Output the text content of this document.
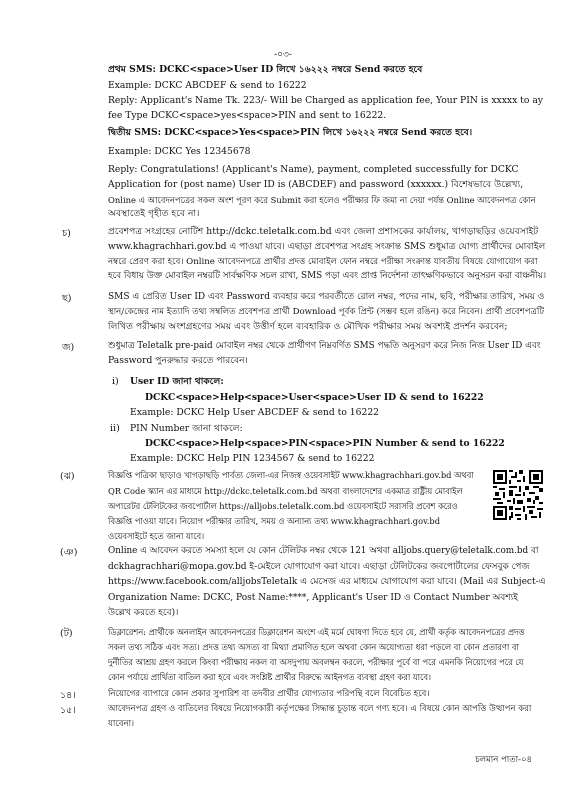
-০৩-
প্রথম SMS: DCKC<space>User ID লিখে ১৬২২২ নম্বরে Send করতে হবে
Example: DCKC ABCDEF & send to 16222
Reply: Applicant's Name Tk. 223/- Will be Charged as application fee, Your PIN is xxxxx to ay
fee Type DCKC<space>yes<space>PIN and sent to 16222.
দ্বিতীয় SMS: DCKC<space>Yes<space>PIN লিখে ১৬২২২ নম্বরে Send করতে হবে।
Example: DCKC Yes 12345678
Reply: Congratulations! (Applicant's Name), payment, completed successfully for DCKC
Application for (post name) User ID is (ABCDEF) and password (xxxxxx.) বিশেষভাবে উল্লেখ্য,
Online এ আবেদনপত্রের সকল অংশ পূরণ করে Submit করা হলেও পরীক্ষার ফি জমা না দেয়া পর্যন্ত Online আবেদনপত্র কোন
অবস্থাতেই গৃহীত হবে না।
চ)	প্রবেশপত্র সংগ্রহের নোটিশ http://dckc.teletalk.com.bd এবং জেলা প্রশাসকের কার্যালয়, খাগড়াছড়ির ওয়েবসাইট
www.khagrachhari.gov.bd এ পাওয়া যাবে। এছাড়া প্রবেশপত্র সংগ্রহ সংক্রান্ত SMS শুধুমাত্র যোগ্য প্রার্থীদের মোবাইল
নম্বরে প্রেরণ করা হবে। Online আবেদনপত্রে প্রার্থীর প্রদত্ত মোবাইল ফোন নম্বরে পরীক্ষা সংক্রান্ত যাবতীয় বিষয়ে যোগাযোগ করা
হবে বিধায় উক্ত মোবাইল নম্বরটি সার্বক্ষণিক সচল রাখা, SMS পড়া এবং প্রাপ্ত নির্দেশনা তাৎক্ষণিকভাবে অনুসরন করা বাঞ্চনীয়।
ছ)	SMS এ প্রেরিত User ID এবং Password ব্যবহার করে পরবর্তীতে রোল নম্বর, পদের নাম, ছবি, পরীক্ষার তারিখ, সময় ও
স্থান/কেন্দ্রের নাম ইত্যাদি তথ্য সম্বলিত প্রবেশপত্র প্রার্থী Download পূর্বক প্রিন্ট (সম্ভব হলে রঙিন) করে নিবেন। প্রার্থী প্রবেশপত্রটি
লিখিত পরীক্ষায় অংশগ্রহণের সময় এবং উত্তীর্ণ হলে ব্যবহারিক ও মৌখিক পরীক্ষার সময় অবশ্যই প্রদর্শন করবেন;
জ)	শুধুমাত্র Teletalk pre-paid মোবাইল নম্বর থেকে প্রার্থীগণ নিম্নবর্ণিত SMS পদ্ধতি অনুসরণ করে নিজ নিজ User ID এবং
Password পুনরুদ্ধার করতে পারবেন।
i) User ID জানা থাকলে:
DCKC<space>Help<space>User<space>User ID & send to 16222
Example: DCKC Help User ABCDEF & send to 16222
ii) PIN Number জানা থাকলে:
DCKC<space>Help<space>PIN<space>PIN Number & send to 16222
Example: DCKC Help PIN 1234567 & send to 16222
(ঝ)	বিজ্ঞপ্তি পত্রিকা ছাড়াও খাগড়াছড়ি পার্বত্য জেলা-এর নিজস্ব ওয়েবসাইট www.khagrachhari.gov.bd অথবা
QR Code স্ক্যান এর মাধ্যমে http://dckc.teletalk.com.bd অথবা বাংলাদেশের একমাত্র রাষ্ট্রীয় মোবাইল
অপারেটর টেলিটকের জবপোর্টাল https://alljobs.teletalk.com.bd ওয়েবসাইটে সরাসরি প্রবেশ করেও
বিজ্ঞপ্তি পাওয়া যাবে। নিয়োগ পরীক্ষার তারিখ, সময় ও অন্যান্য তথ্য www.khagrachhari.gov.bd
ওয়েবসাইটে হতে জানা যাবে।
(ঞ)	Online এ আবেদন করতে সমস্যা হলে যে কোন টেলিটক নম্বর থেকে 121 অথবা alljobs.query@teletalk.com.bd বা
dckhagrachhari@mopa.gov.bd ই-মেইলে যোগাযোগ করা যাবে। এছাড়া টেলিটকের জবপোর্টালের ফেসবুক পেজ
https://www.facebook.com/alljobsTeletalk এ মেসেজ এর মাধ্যমে যোগাযোগ করা যাবে। (Mail এর Subject-এ
Organization Name: DCKC, Post Name:****, Applicant's User ID ও Contact Number অবশ্যই
উল্লেখ করতে হবে)।
(ট)	ডিক্লারেশন: প্রার্থীকে অনলাইন আবেদনপত্রের ডিক্লারেশন অংশে এই মর্মে ঘোষণা দিতে হবে যে, প্রার্থী কর্তৃক আবেদনপত্রের প্রদত্ত
সকল তথ্য সঠিক এবং সত্য। প্রদত্ত তথ্য অসত্য বা মিথ্যা প্রমাণিত হলে অথবা কোন অযোগ্যতা ধরা পড়লে বা কোন প্রতারণা বা
দুর্নীতির আশ্রয় গ্রহণ করলে কিংবা পরীক্ষায় নকল বা অসদুপায় অবলম্বন করলে, পরীক্ষার পূর্বে বা পরে এমনকি নিয়োগের পরে যে
কোন পর্যায়ে প্রার্থিতা বাতিল করা হবে এবং সংশ্লিষ্ট প্রার্থীর বিরুদ্ধে আইনগত ব্যবস্থা গ্রহণ করা যাবে।
১৪।	নিয়োগের ব্যাপারে কোন প্রকার সুপারিশ বা তদবীর প্রার্থীর যোগ্যতার পরিপন্থি বলে বিবেচিত হবে।
১৫।	আবেদনপত্র গ্রহণ ও বাতিলের বিষয়ে নিয়োগকারী কর্তৃপক্ষের সিদ্ধান্ত চূড়ান্ত বলে গণ্য হবে। এ বিষয়ে কোন আপত্তি উত্থাপন করা
যাবেনা।
চলমান পাতা-০৪
